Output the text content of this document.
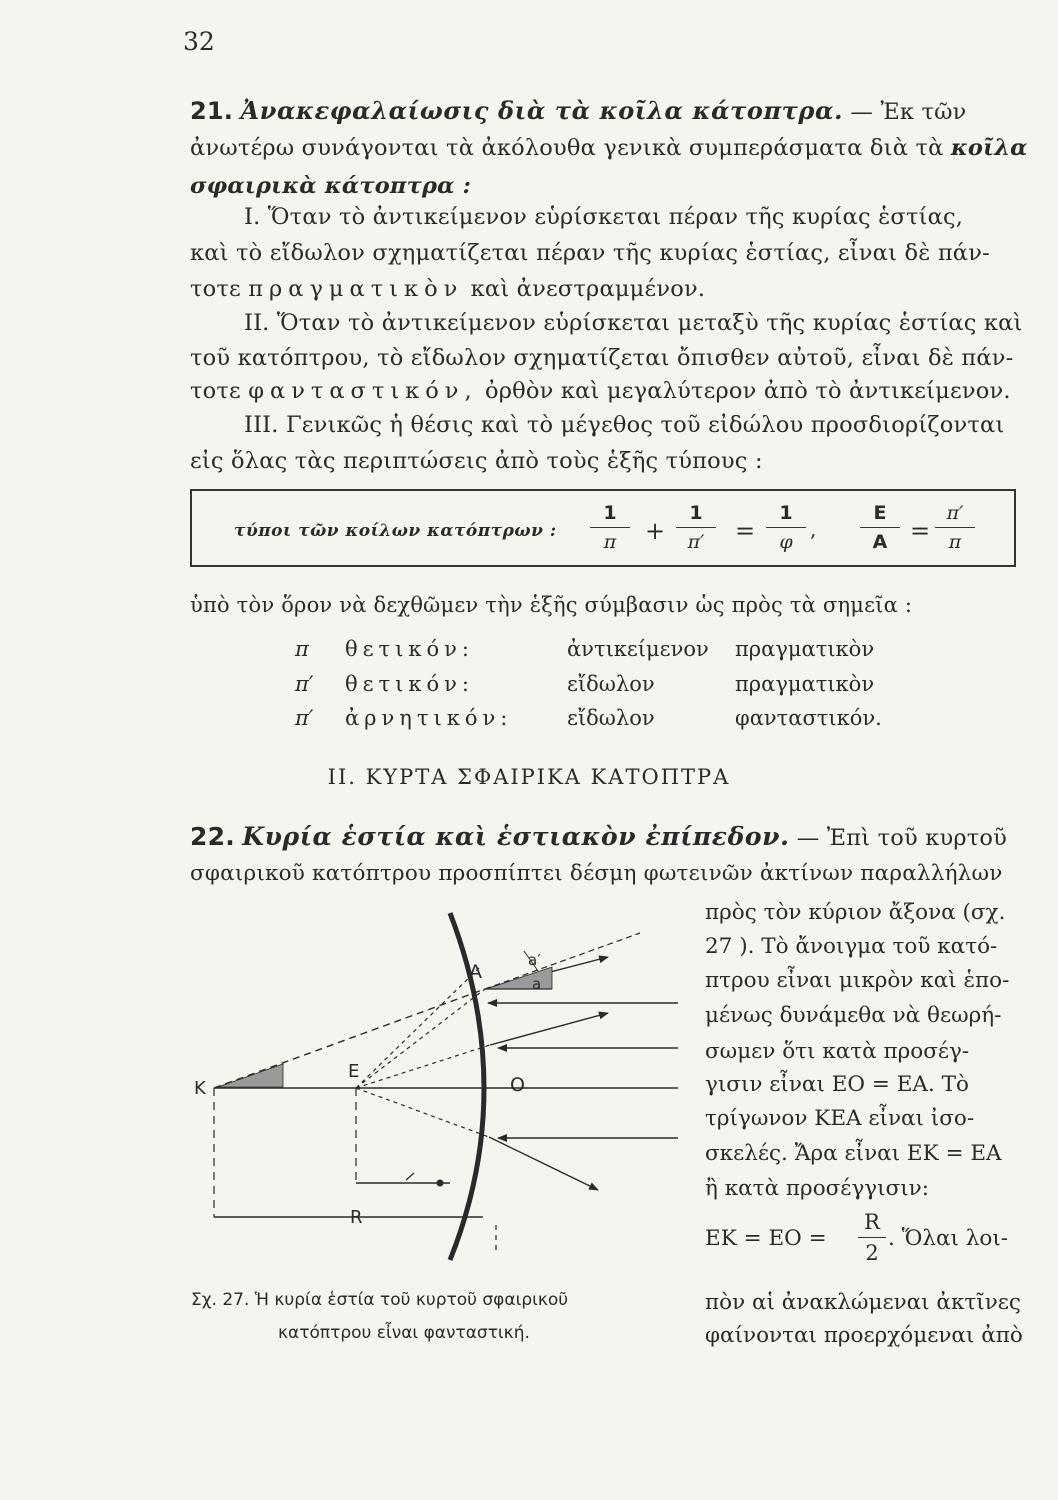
32
21. Ἀνακεφαλαίωσις διὰ τὰ κοῖλα κάτοπτρα. — Ἐκ τῶν
ἀνωτέρω συνάγονται τὰ ἀκόλουθα γενικὰ συμπεράσματα διὰ τὰ κοῖλα
σφαιρικὰ κάτοπτρα :
I. Ὅταν τὸ ἀντικείμενον εὑρίσκεται πέραν τῆς κυρίας ἑστίας,
καὶ τὸ εἴδωλον σχηματίζεται πέραν τῆς κυρίας ἑστίας, εἶναι δὲ πάν-
τοτε πραγματικὸν καὶ ἀνεστραμμένον.
II. Ὅταν τὸ ἀντικείμενον εὑρίσκεται μεταξὺ τῆς κυρίας ἑστίας καὶ
τοῦ κατόπτρου, τὸ εἴδωλον σχηματίζεται ὄπισθεν αὐτοῦ, εἶναι δὲ πάν-
τοτε φανταστικόν, ὀρθὸν καὶ μεγαλύτερον ἀπὸ τὸ ἀντικείμενον.
III. Γενικῶς ἡ θέσις καὶ τὸ μέγεθος τοῦ εἰδώλου προσδιορίζονται
εἰς ὅλας τὰς περιπτώσεις ἀπὸ τοὺς ἑξῆς τύπους :
τύποι τῶν κοίλων κατόπτρων :
1
π	+
1
π′	=
1
φ
,
E
A =
π′
π
ὑπὸ τὸν ὅρον νὰ δεχθῶμεν τὴν ἑξῆς σύμβασιν ὡς πρὸς τὰ σημεῖα :
π θετικόν:	ἀντικείμενον πραγματικὸν
π′ θετικόν:	εἴδωλον	πραγματικὸν
π′ ἀρνητικόν:	εἴδωλον	φανταστικόν.
II. ΚΥΡΤΑ ΣΦΑΙΡΙΚΑ ΚΑΤΟΠΤΡΑ
22. Κυρία ἑστία καὶ ἑστιακὸν ἐπίπεδον. — Ἐπὶ τοῦ κυρτοῦ
σφαιρικοῦ κατόπτρου προσπίπτει δέσμη φωτεινῶν ἀκτίνων παραλλήλων
πρὸς τὸν κύριον ἄξονα (σχ.
27 ). Τὸ ἄνοιγμα τοῦ κατό-
πτρου εἶναι μικρὸν καὶ ἑπο-
μένως δυνάμεθα νὰ θεωρή-
σωμεν ὅτι κατὰ προσέγ-
γισιν εἶναι EO = EA. Τὸ
τρίγωνον KEA εἶναι ἰσο-
σκελές. Ἄρα εἶναι EK = EA
ἢ κατὰ προσέγγισιν:
EK = EO =
R
2
. Ὅλαι λοι-
πὸν αἱ ἀνακλώμεναι ἀκτῖνες
φαίνονται προερχόμεναι ἀπὸ
A
K
E
O
R
a
a′
Σχ. 27. Ἡ κυρία ἑστία τοῦ κυρτοῦ σφαιρικοῦ
κατόπτρου εἶναι φανταστική.
